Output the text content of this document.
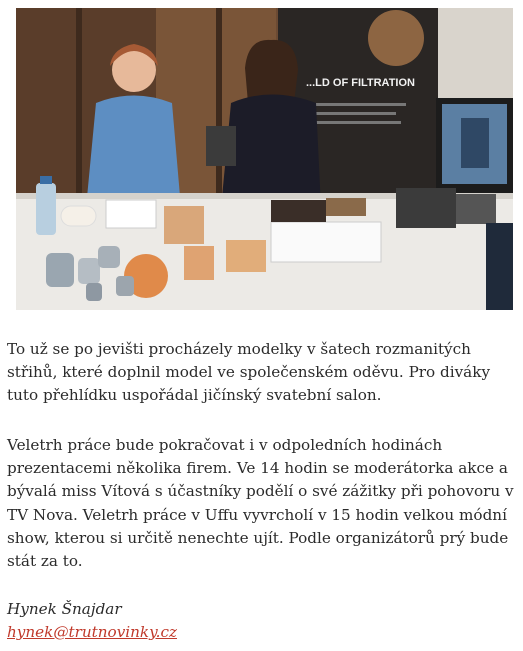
...LD OF FILTRATION

To už se po jevišti procházely modelky v šatech rozmanitých střihů, které doplnil model ve společenském oděvu. Pro diváky tuto přehlídku uspořádal jičínský svatební salon.

Veletrh práce bude pokračovat i v odpoledních hodinách prezentacemi několika firem. Ve 14 hodin se moderátorka akce a bývalá miss Vítová s účastníky podělí o své zážitky při pohovoru v TV Nova. Veletrh práce v Uffu vyvrcholí v 15 hodin velkou módní show, kterou si určitě nenechte ujít. Podle organizátorů prý bude stát za to.

Hynek Šnajdar
hynek@trutnovinky.cz
